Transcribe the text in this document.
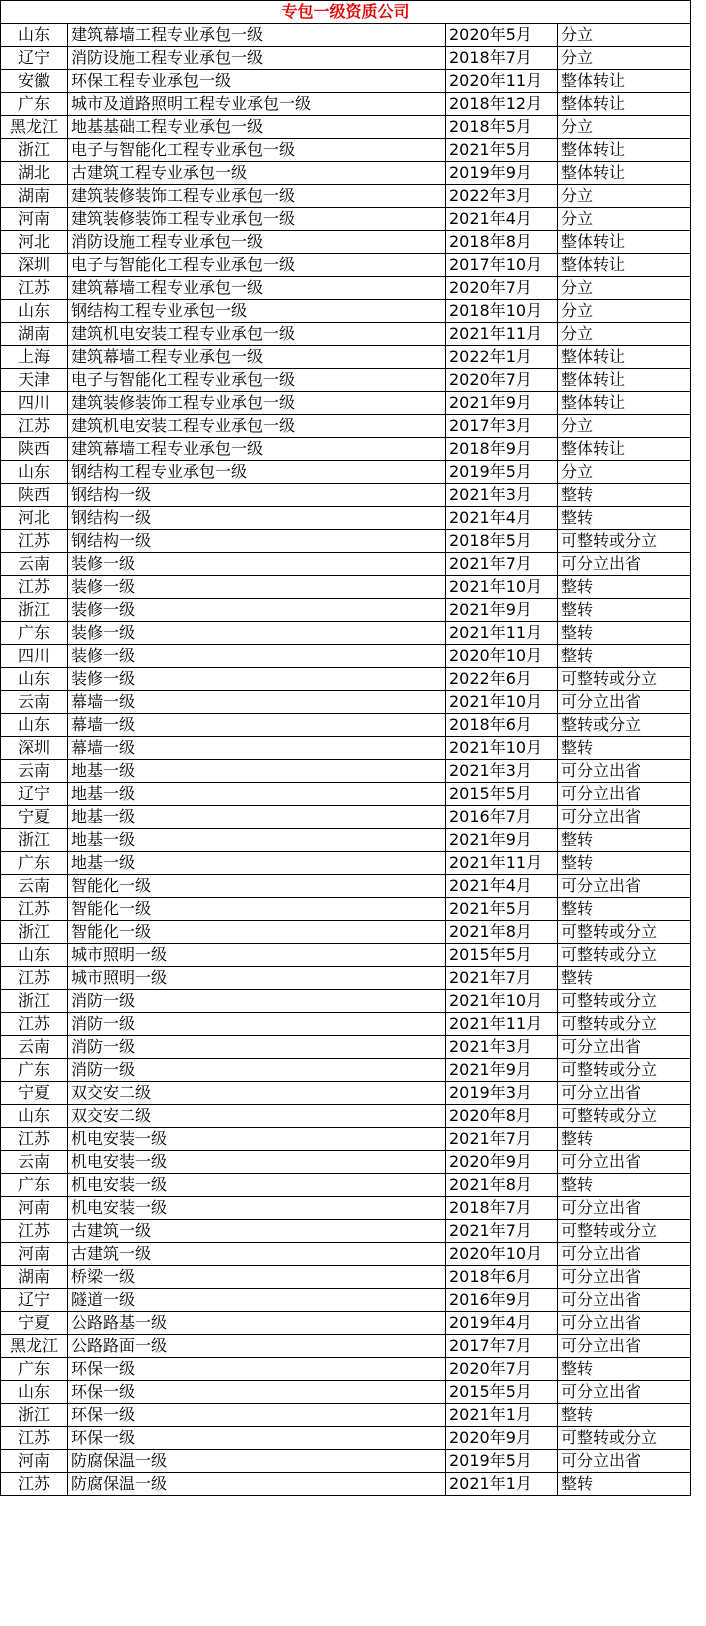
专包一级资质公司			
山东	建筑幕墙工程专业承包一级	2020年5月	分立
辽宁	消防设施工程专业承包一级	2018年7月	分立
安徽	环保工程专业承包一级	2020年11月	整体转让
广东	城市及道路照明工程专业承包一级	2018年12月	整体转让
黑龙江	地基基础工程专业承包一级	2018年5月	分立
浙江	电子与智能化工程专业承包一级	2021年5月	整体转让
湖北	古建筑工程专业承包一级	2019年9月	整体转让
湖南	建筑装修装饰工程专业承包一级	2022年3月	分立
河南	建筑装修装饰工程专业承包一级	2021年4月	分立
河北	消防设施工程专业承包一级	2018年8月	整体转让
深圳	电子与智能化工程专业承包一级	2017年10月	整体转让
江苏	建筑幕墙工程专业承包一级	2020年7月	分立
山东	钢结构工程专业承包一级	2018年10月	分立
湖南	建筑机电安装工程专业承包一级	2021年11月	分立
上海	建筑幕墙工程专业承包一级	2022年1月	整体转让
天津	电子与智能化工程专业承包一级	2020年7月	整体转让
四川	建筑装修装饰工程专业承包一级	2021年9月	整体转让
江苏	建筑机电安装工程专业承包一级	2017年3月	分立
陕西	建筑幕墙工程专业承包一级	2018年9月	整体转让
山东	钢结构工程专业承包一级	2019年5月	分立
陕西	钢结构一级	2021年3月	整转
河北	钢结构一级	2021年4月	整转
江苏	钢结构一级	2018年5月	可整转或分立
云南	装修一级	2021年7月	可分立出省
江苏	装修一级	2021年10月	整转
浙江	装修一级	2021年9月	整转
广东	装修一级	2021年11月	整转
四川	装修一级	2020年10月	整转
山东	装修一级	2022年6月	可整转或分立
云南	幕墙一级	2021年10月	可分立出省
山东	幕墙一级	2018年6月	整转或分立
深圳	幕墙一级	2021年10月	整转
云南	地基一级	2021年3月	可分立出省
辽宁	地基一级	2015年5月	可分立出省
宁夏	地基一级	2016年7月	可分立出省
浙江	地基一级	2021年9月	整转
广东	地基一级	2021年11月	整转
云南	智能化一级	2021年4月	可分立出省
江苏	智能化一级	2021年5月	整转
浙江	智能化一级	2021年8月	可整转或分立
山东	城市照明一级	2015年5月	可整转或分立
江苏	城市照明一级	2021年7月	整转
浙江	消防一级	2021年10月	可整转或分立
江苏	消防一级	2021年11月	可整转或分立
云南	消防一级	2021年3月	可分立出省
广东	消防一级	2021年9月	可整转或分立
宁夏	双交安二级	2019年3月	可分立出省
山东	双交安二级	2020年8月	可整转或分立
江苏	机电安装一级	2021年7月	整转
云南	机电安装一级	2020年9月	可分立出省
广东	机电安装一级	2021年8月	整转
河南	机电安装一级	2018年7月	可分立出省
江苏	古建筑一级	2021年7月	可整转或分立
河南	古建筑一级	2020年10月	可分立出省
湖南	桥梁一级	2018年6月	可分立出省
辽宁	隧道一级	2016年9月	可分立出省
宁夏	公路路基一级	2019年4月	可分立出省
黑龙江	公路路面一级	2017年7月	可分立出省
广东	环保一级	2020年7月	整转
山东	环保一级	2015年5月	可分立出省
浙江	环保一级	2021年1月	整转
江苏	环保一级	2020年9月	可整转或分立
河南	防腐保温一级	2019年5月	可分立出省
江苏	防腐保温一级	2021年1月	整转
